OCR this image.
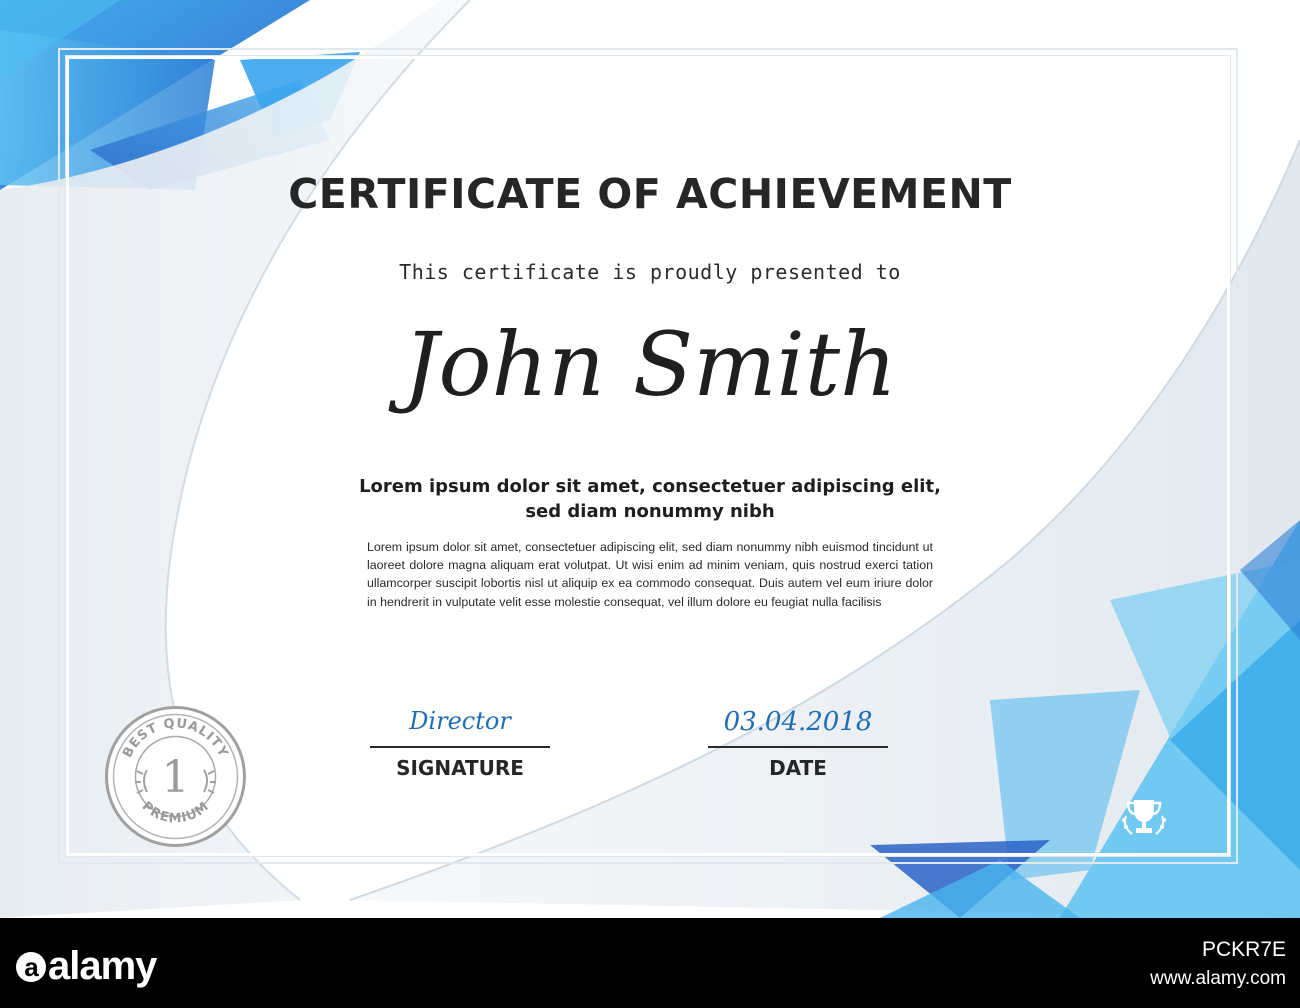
CERTIFICATE OF ACHIEVEMENT
This certificate is proudly presented to
John Smith
Lorem ipsum dolor sit amet, consectetuer adipiscing elit, sed diam nonummy nibh
Lorem ipsum dolor sit amet, consectetuer adipiscing elit, sed diam nonummy nibh euismod tincidunt ut laoreet dolore magna aliquam erat volutpat. Ut wisi enim ad minim veniam, quis nostrud exerci tation ullamcorper suscipit lobortis nisl ut aliquip ex ea commodo consequat. Duis autem vel eum iriure dolor in hendrerit in vulputate velit esse molestie consequat, vel illum dolore eu feugiat nulla facilisis
Director
SIGNATURE
03.04.2018
DATE
BEST QUALITY
PREMIUM
1
a alamy	PCKR7E
www.alamy.com
